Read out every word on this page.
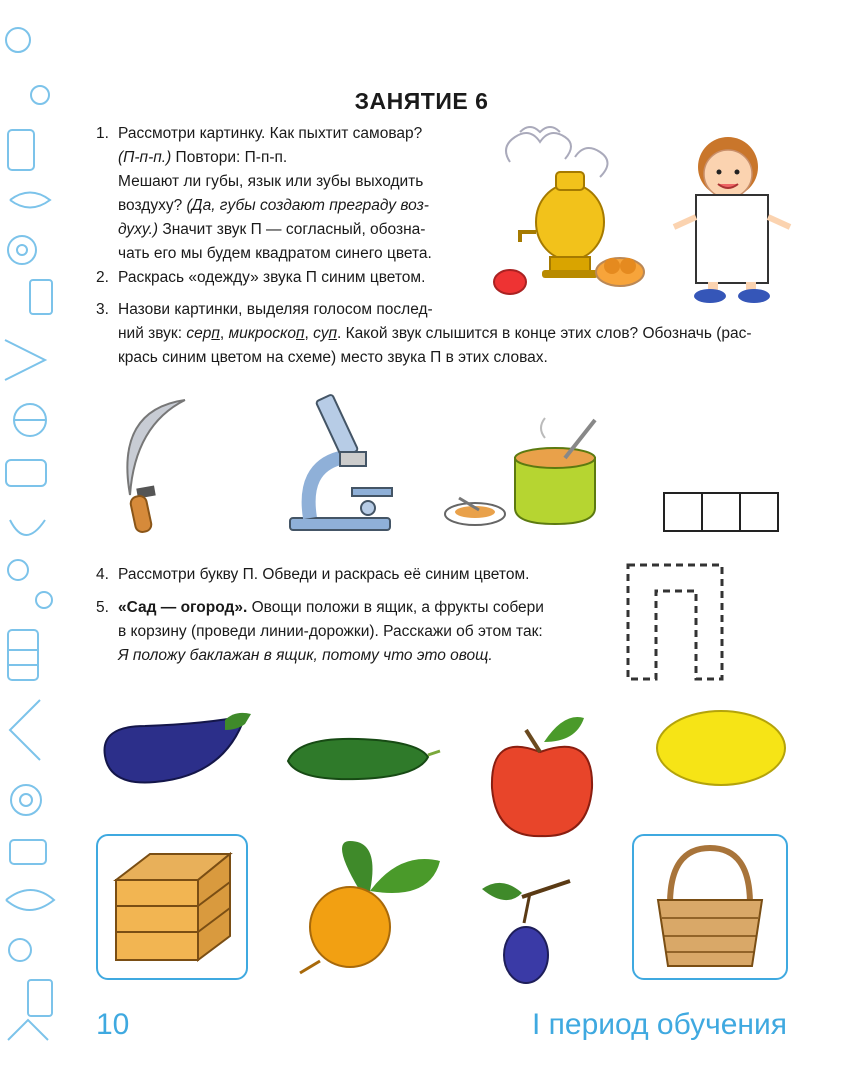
ЗАНЯТИЕ 6
1. Рассмотри картинку. Как пыхтит самовар?
(П-п-п.) Повтори: П-п-п.
Мешают ли губы, язык или зубы выходить
воздуху? (Да, губы создают преграду воз-
духу.) Значит звук П — согласный, обозна-
чать его мы будем квадратом синего цвета.
2. Раскрась «одежду» звука П синим цветом.
3. Назови картинки, выделяя голосом послед-
ний звук: серп, микроскоп, суп. Какой звук слышится в конце этих слов? Обозначь (рас-
крась синим цветом на схеме) место звука П в этих словах.
4. Рассмотри букву П. Обведи и раскрась её синим цветом.
5. «Сад — огород». Овощи положи в ящик, а фрукты собери
в корзину (проведи линии-дорожки). Расскажи об этом так:
Я положу баклажан в ящик, потому что это овощ.
10	I период обучения
